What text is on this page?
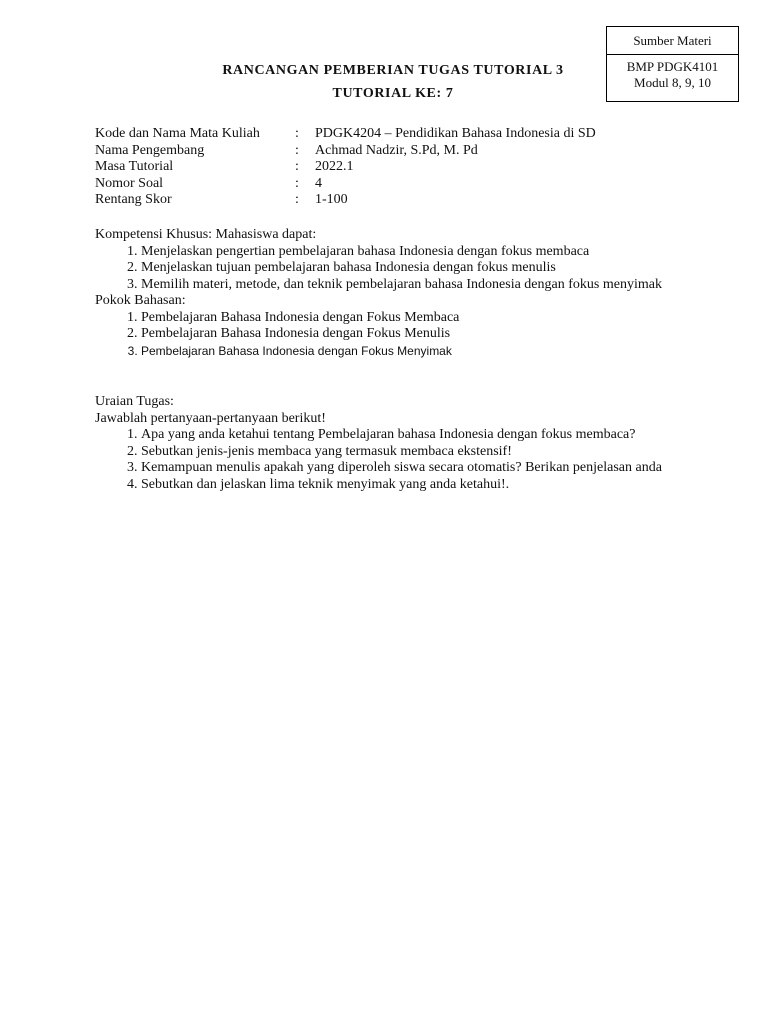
Sumber Materi
BMP PDGK4101
Modul 8, 9, 10
RANCANGAN PEMBERIAN TUGAS TUTORIAL 3
TUTORIAL KE: 7
Kode dan Nama Mata Kuliah	:	PDGK4204 – Pendidikan Bahasa Indonesia di SD
Nama Pengembang	:	Achmad Nadzir, S.Pd, M. Pd
Masa Tutorial	:	2022.1
Nomor Soal	:	4
Rentang Skor	:	1-100
Kompetensi Khusus: Mahasiswa dapat:
1. Menjelaskan pengertian pembelajaran bahasa Indonesia dengan fokus membaca
2. Menjelaskan tujuan pembelajaran bahasa Indonesia dengan fokus menulis
3. Memilih materi, metode, dan teknik pembelajaran bahasa Indonesia dengan fokus menyimak
Pokok Bahasan:
1. Pembelajaran Bahasa Indonesia dengan Fokus Membaca
2. Pembelajaran Bahasa Indonesia dengan Fokus Menulis
3. Pembelajaran Bahasa Indonesia dengan Fokus Menyimak
Uraian Tugas:
Jawablah pertanyaan-pertanyaan berikut!
1. Apa yang anda ketahui tentang Pembelajaran bahasa Indonesia dengan fokus membaca?
2. Sebutkan jenis-jenis membaca yang termasuk membaca ekstensif!
3. Kemampuan menulis apakah yang diperoleh siswa secara otomatis? Berikan penjelasan anda
4. Sebutkan dan jelaskan lima teknik menyimak yang anda ketahui!.
